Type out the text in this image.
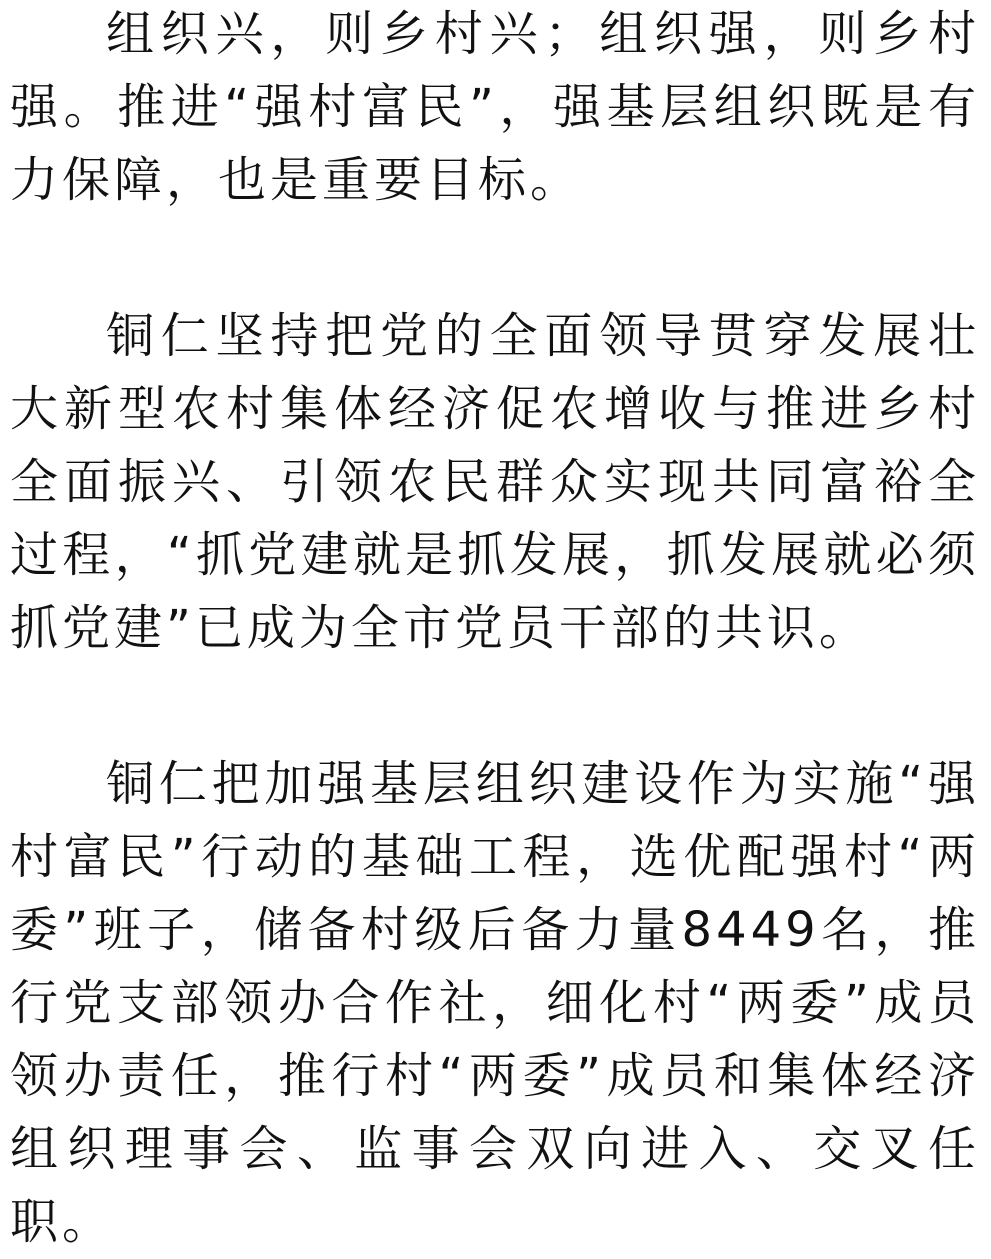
组织兴，则乡村兴；组织强，则乡村强。推进“强村富民”，强基层组织既是有力保障，也是重要目标。

铜仁坚持把党的全面领导贯穿发展壮大新型农村集体经济促农增收与推进乡村全面振兴、引领农民群众实现共同富裕全过程，“抓党建就是抓发展，抓发展就必须抓党建”已成为全市党员干部的共识。

铜仁把加强基层组织建设作为实施“强村富民”行动的基础工程，选优配强村“两委”班子，储备村级后备力量8449名，推行党支部领办合作社，细化村“两委”成员领办责任，推行村“两委”成员和集体经济组织理事会、监事会双向进入、交叉任职。
